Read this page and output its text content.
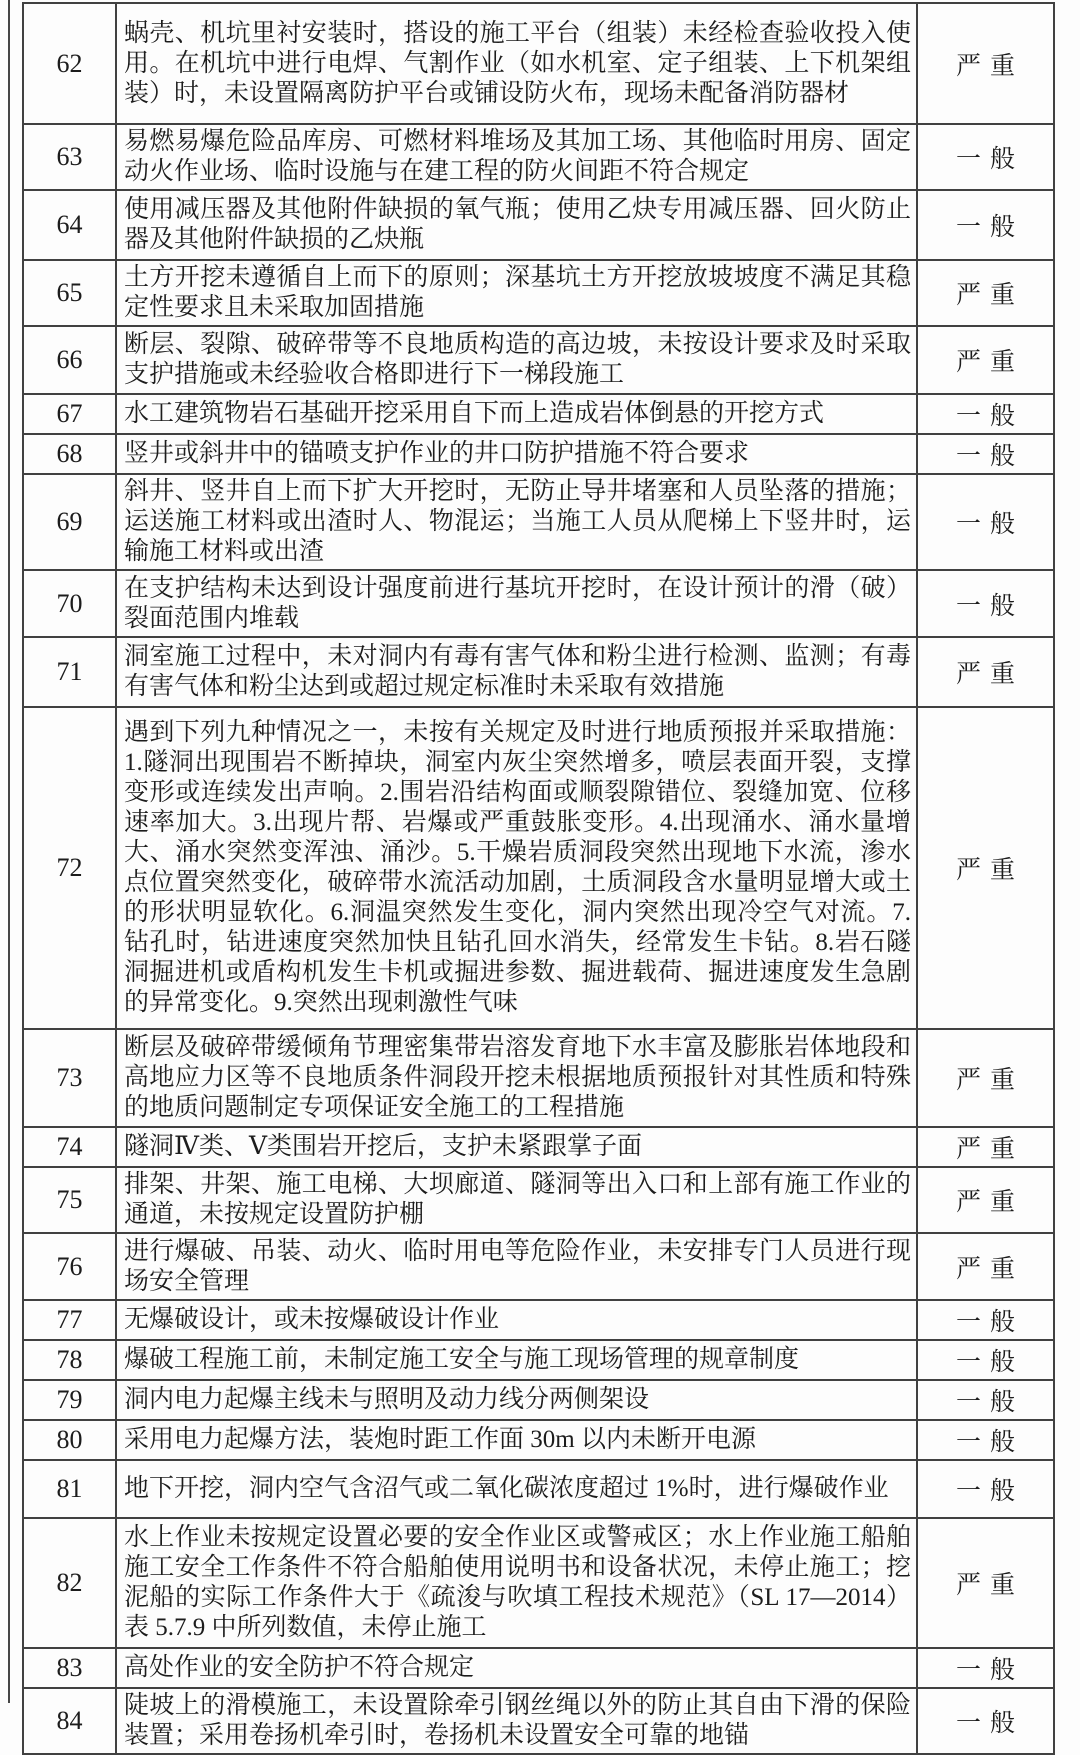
62	蜗壳、机坑里衬安装时，搭设的施工平台（组装）未经检查验收投入使用。在机坑中进行电焊、气割作业（如水机室、定子组装、上下机架组装）时，未设置隔离防护平台或铺设防火布，现场未配备消防器材	严重
63	易燃易爆危险品库房、可燃材料堆场及其加工场、其他临时用房、固定动火作业场、临时设施与在建工程的防火间距不符合规定	一般
64	使用减压器及其他附件缺损的氧气瓶；使用乙炔专用减压器、回火防止器及其他附件缺损的乙炔瓶	一般
65	土方开挖未遵循自上而下的原则；深基坑土方开挖放坡坡度不满足其稳定性要求且未采取加固措施	严重
66	断层、裂隙、破碎带等不良地质构造的高边坡，未按设计要求及时采取支护措施或未经验收合格即进行下一梯段施工	严重
67	水工建筑物岩石基础开挖采用自下而上造成岩体倒悬的开挖方式	一般
68	竖井或斜井中的锚喷支护作业的井口防护措施不符合要求	一般
69	斜井、竖井自上而下扩大开挖时，无防止导井堵塞和人员坠落的措施；运送施工材料或出渣时人、物混运；当施工人员从爬梯上下竖井时，运输施工材料或出渣	一般
70	在支护结构未达到设计强度前进行基坑开挖时，在设计预计的滑（破）裂面范围内堆载	一般
71	洞室施工过程中，未对洞内有毒有害气体和粉尘进行检测、监测；有毒有害气体和粉尘达到或超过规定标准时未采取有效措施	严重
72	遇到下列九种情况之一，未按有关规定及时进行地质预报并采取措施：1.隧洞出现围岩不断掉块，洞室内灰尘突然增多，喷层表面开裂，支撑变形或连续发出声响。2.围岩沿结构面或顺裂隙错位、裂缝加宽、位移速率加大。3.出现片帮、岩爆或严重鼓胀变形。4.出现涌水、涌水量增大、涌水突然变浑浊、涌沙。5.干燥岩质洞段突然出现地下水流，渗水点位置突然变化，破碎带水流活动加剧，土质洞段含水量明显增大或土的形状明显软化。6.洞温突然发生变化，洞内突然出现冷空气对流。7.钻孔时，钻进速度突然加快且钻孔回水消失，经常发生卡钻。8.岩石隧洞掘进机或盾构机发生卡机或掘进参数、掘进载荷、掘进速度发生急剧的异常变化。9.突然出现刺激性气味	严重
73	断层及破碎带缓倾角节理密集带岩溶发育地下水丰富及膨胀岩体地段和高地应力区等不良地质条件洞段开挖未根据地质预报针对其性质和特殊的地质问题制定专项保证安全施工的工程措施	严重
74	隧洞Ⅳ类、Ⅴ类围岩开挖后，支护未紧跟掌子面	严重
75	排架、井架、施工电梯、大坝廊道、隧洞等出入口和上部有施工作业的通道，未按规定设置防护棚	严重
76	进行爆破、吊装、动火、临时用电等危险作业，未安排专门人员进行现场安全管理	严重
77	无爆破设计，或未按爆破设计作业	一般
78	爆破工程施工前，未制定施工安全与施工现场管理的规章制度	一般
79	洞内电力起爆主线未与照明及动力线分两侧架设	一般
80	采用电力起爆方法，装炮时距工作面 30m 以内未断开电源	一般
81	地下开挖，洞内空气含沼气或二氧化碳浓度超过 1%时，进行爆破作业	一般
82	水上作业未按规定设置必要的安全作业区或警戒区；水上作业施工船舶施工安全工作条件不符合船舶使用说明书和设备状况，未停止施工；挖泥船的实际工作条件大于《疏浚与吹填工程技术规范》（SL 17—2014）表 5.7.9 中所列数值，未停止施工	严重
83	高处作业的安全防护不符合规定	一般
84	陡坡上的滑模施工，未设置除牵引钢丝绳以外的防止其自由下滑的保险装置；采用卷扬机牵引时，卷扬机未设置安全可靠的地锚	一般
